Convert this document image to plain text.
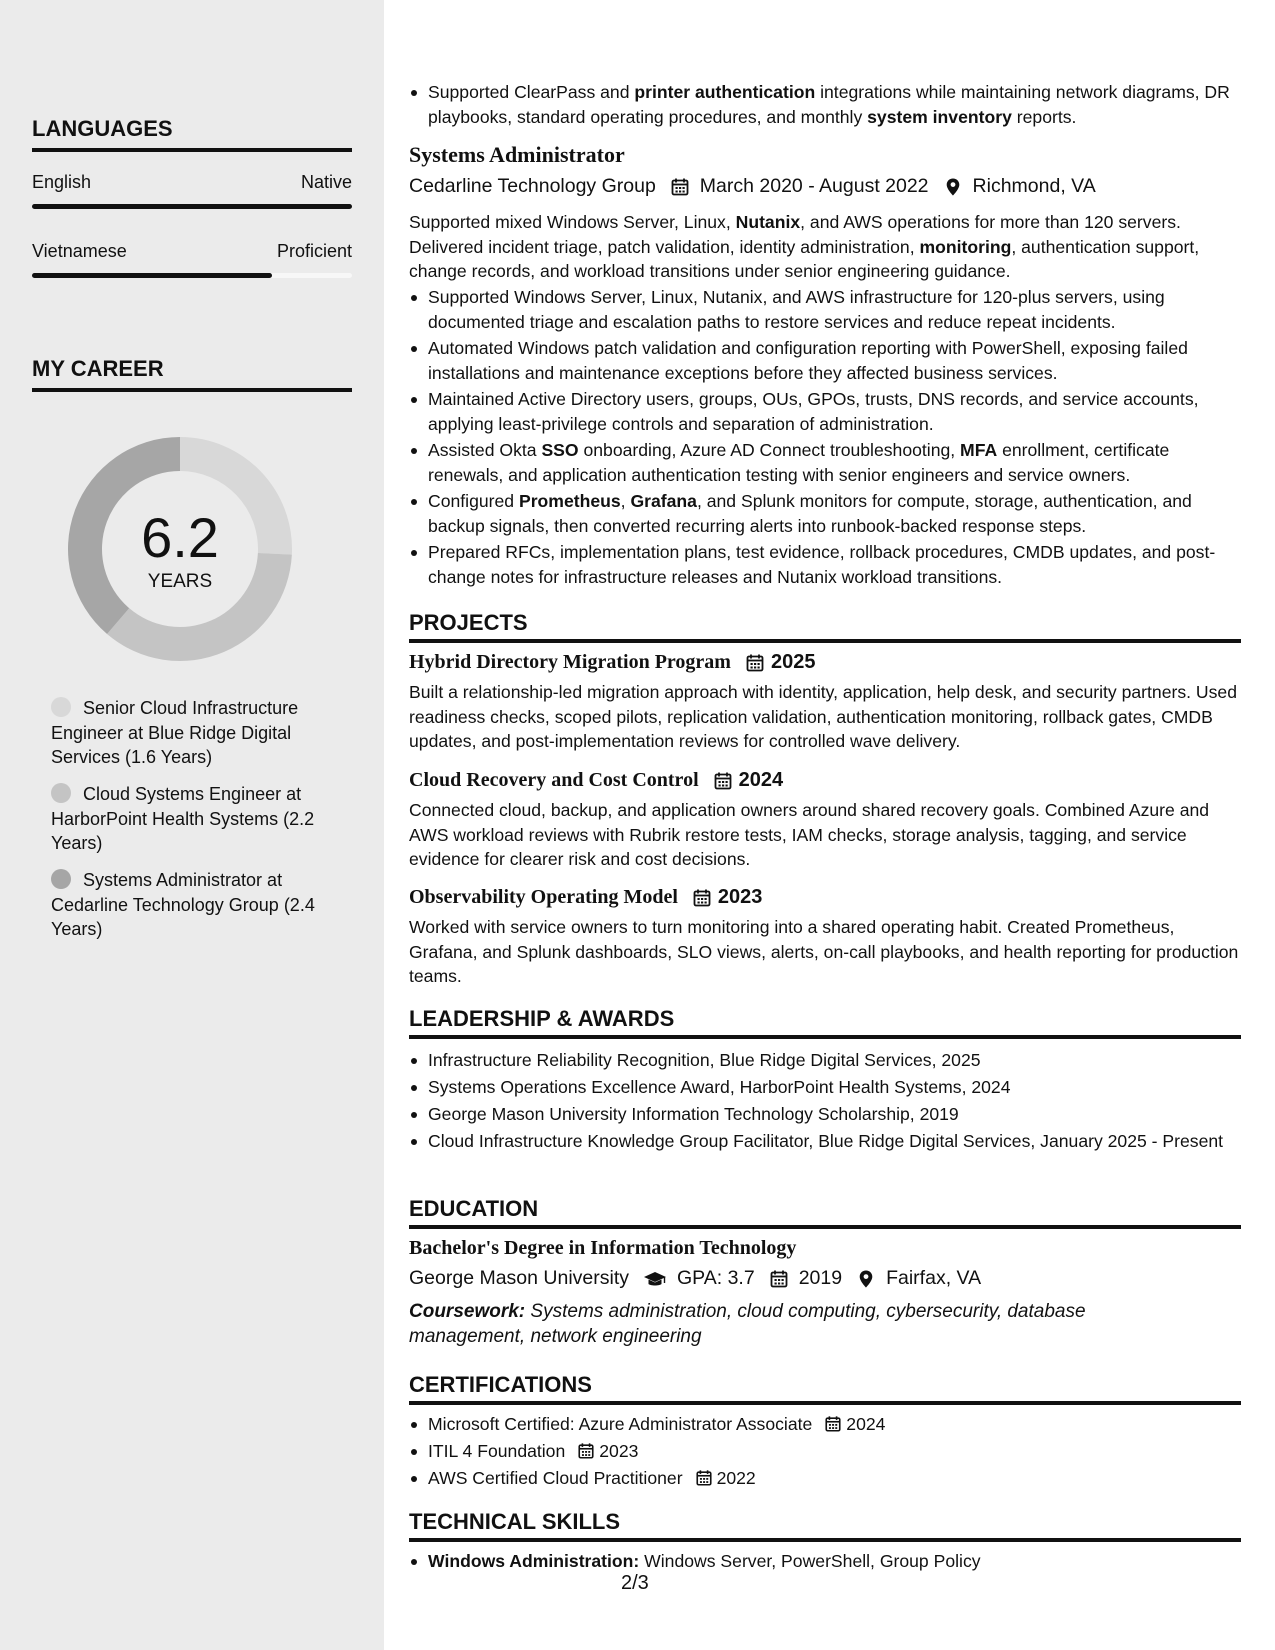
LANGUAGES
English	Native
Vietnamese	Proficient
MY CAREER
6.2
YEARS
Senior Cloud Infrastructure Engineer at Blue Ridge Digital Services (1.6 Years)
Cloud Systems Engineer at HarborPoint Health Systems (2.2 Years)
Systems Administrator at Cedarline Technology Group (2.4 Years)
Supported ClearPass and printer authentication integrations while maintaining network diagrams, DR playbooks, standard operating procedures, and monthly system inventory reports.
Systems Administrator
Cedarline Technology Group March 2020 - August 2022 Richmond, VA
Supported mixed Windows Server, Linux, Nutanix, and AWS operations for more than 120 servers. Delivered incident triage, patch validation, identity administration, monitoring, authentication support, change records, and workload transitions under senior engineering guidance.
Supported Windows Server, Linux, Nutanix, and AWS infrastructure for 120-plus servers, using documented triage and escalation paths to restore services and reduce repeat incidents.
Automated Windows patch validation and configuration reporting with PowerShell, exposing failed installations and maintenance exceptions before they affected business services.
Maintained Active Directory users, groups, OUs, GPOs, trusts, DNS records, and service accounts, applying least-privilege controls and separation of administration.
Assisted Okta SSO onboarding, Azure AD Connect troubleshooting, MFA enrollment, certificate renewals, and application authentication testing with senior engineers and service owners.
Configured Prometheus, Grafana, and Splunk monitors for compute, storage, authentication, and backup signals, then converted recurring alerts into runbook-backed response steps.
Prepared RFCs, implementation plans, test evidence, rollback procedures, CMDB updates, and post-change notes for infrastructure releases and Nutanix workload transitions.
PROJECTS
Hybrid Directory Migration Program 2025
Built a relationship-led migration approach with identity, application, help desk, and security partners. Used readiness checks, scoped pilots, replication validation, authentication monitoring, rollback gates, CMDB updates, and post-implementation reviews for controlled wave delivery.
Cloud Recovery and Cost Control 2024
Connected cloud, backup, and application owners around shared recovery goals. Combined Azure and AWS workload reviews with Rubrik restore tests, IAM checks, storage analysis, tagging, and service evidence for clearer risk and cost decisions.
Observability Operating Model 2023
Worked with service owners to turn monitoring into a shared operating habit. Created Prometheus, Grafana, and Splunk dashboards, SLO views, alerts, on-call playbooks, and health reporting for production teams.
LEADERSHIP & AWARDS
Infrastructure Reliability Recognition, Blue Ridge Digital Services, 2025
Systems Operations Excellence Award, HarborPoint Health Systems, 2024
George Mason University Information Technology Scholarship, 2019
Cloud Infrastructure Knowledge Group Facilitator, Blue Ridge Digital Services, January 2025 - Present
EDUCATION
Bachelor's Degree in Information Technology
George Mason University GPA: 3.7 2019 Fairfax, VA
Coursework: Systems administration, cloud computing, cybersecurity, database management, network engineering
CERTIFICATIONS
Microsoft Certified: Azure Administrator Associate 2024
ITIL 4 Foundation 2023
AWS Certified Cloud Practitioner 2022
TECHNICAL SKILLS
Windows Administration: Windows Server, PowerShell, Group Policy
2/3
